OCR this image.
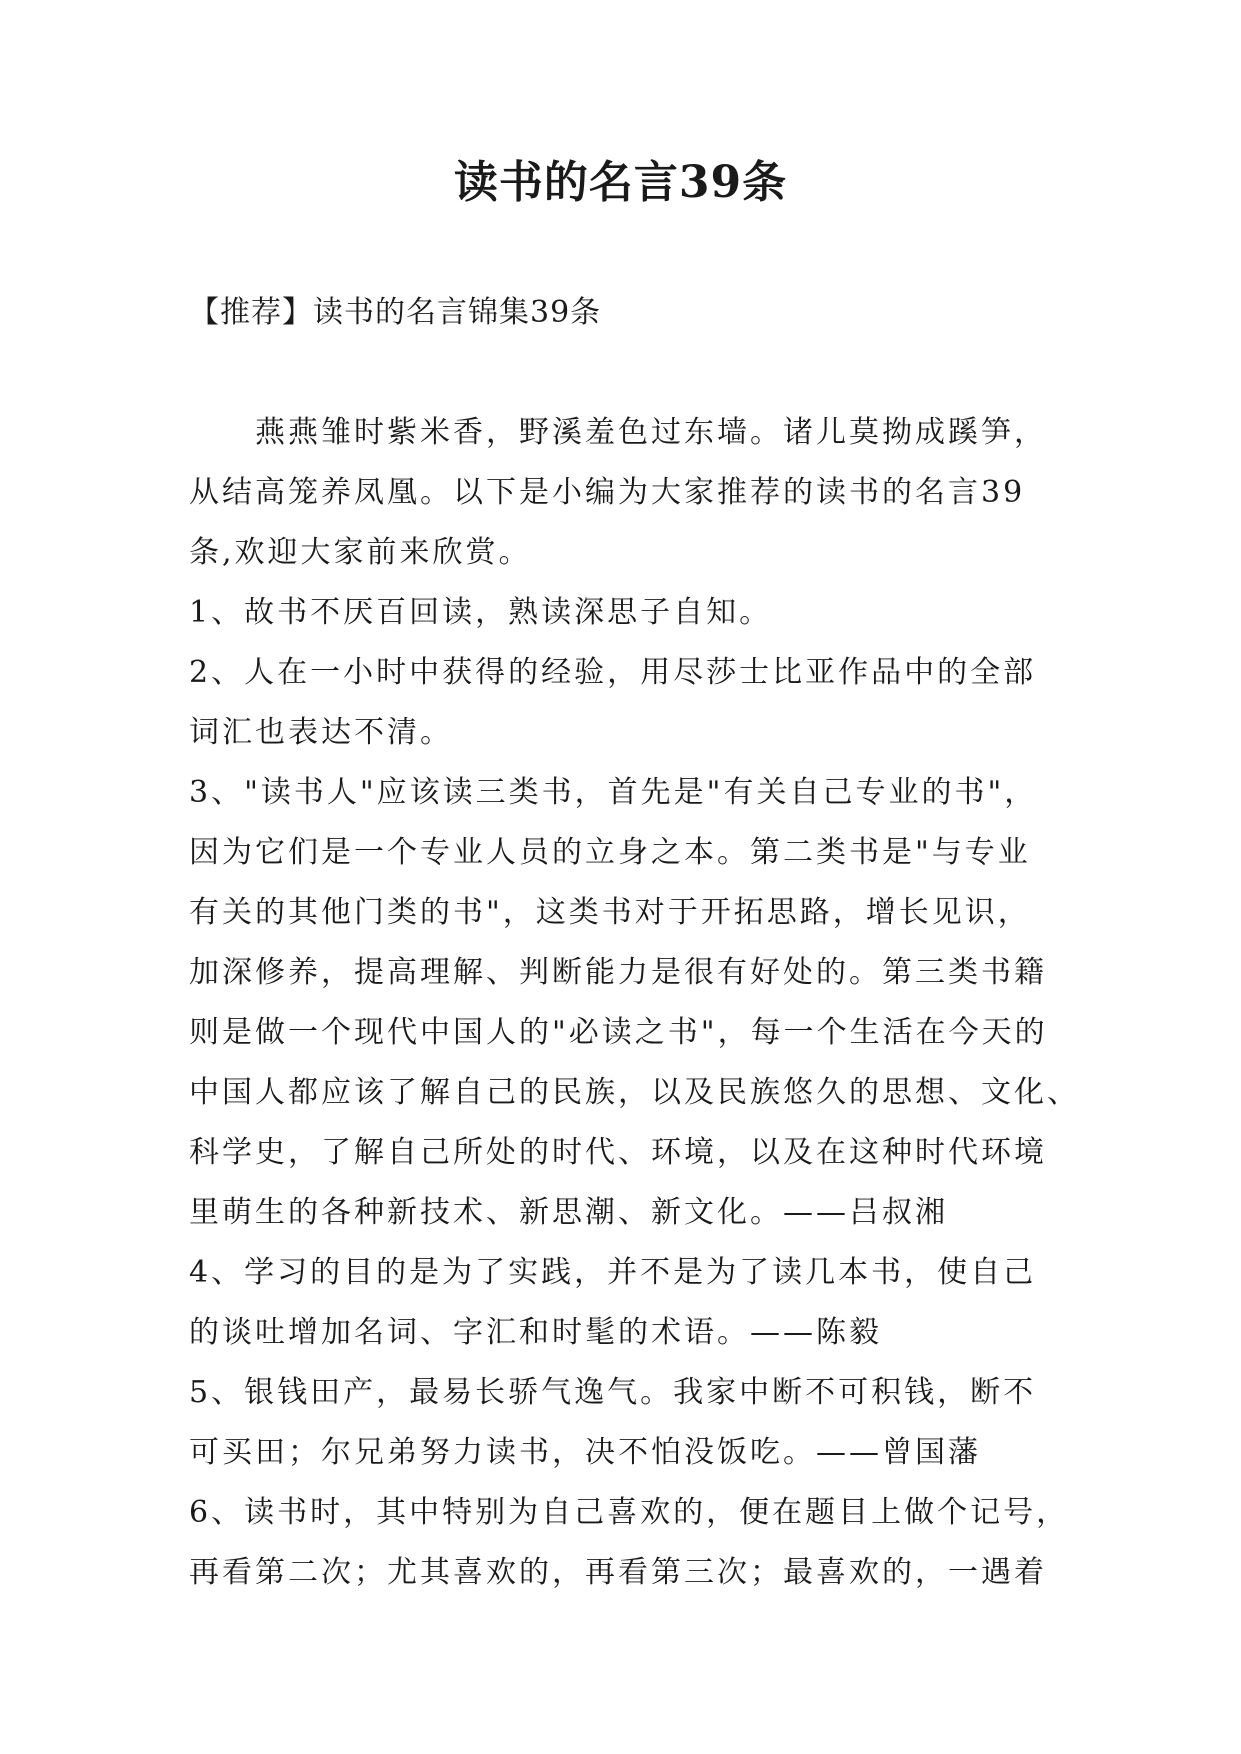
读书的名言39条

【推荐】读书的名言锦集39条

燕燕雏时紫米香，野溪羞色过东墙。诸儿莫拗成蹊笋，

从结高笼养凤凰。以下是小编为大家推荐的读书的名言39

条,欢迎大家前来欣赏。

1、故书不厌百回读，熟读深思子自知。

2、人在一小时中获得的经验，用尽莎士比亚作品中的全部

词汇也表达不清。

3、"读书人"应该读三类书，首先是"有关自己专业的书"，

因为它们是一个专业人员的立身之本。第二类书是"与专业

有关的其他门类的书"，这类书对于开拓思路，增长见识，

加深修养，提高理解、判断能力是很有好处的。第三类书籍

则是做一个现代中国人的"必读之书"，每一个生活在今天的

中国人都应该了解自己的民族，以及民族悠久的思想、文化、

科学史，了解自己所处的时代、环境，以及在这种时代环境

里萌生的各种新技术、新思潮、新文化。——吕叔湘

4、学习的目的是为了实践，并不是为了读几本书，使自己

的谈吐增加名词、字汇和时髦的术语。——陈毅

5、银钱田产，最易长骄气逸气。我家中断不可积钱，断不

可买田；尔兄弟努力读书，决不怕没饭吃。——曾国藩

6、读书时，其中特别为自己喜欢的，便在题目上做个记号，

再看第二次；尤其喜欢的，再看第三次；最喜欢的，一遇着
